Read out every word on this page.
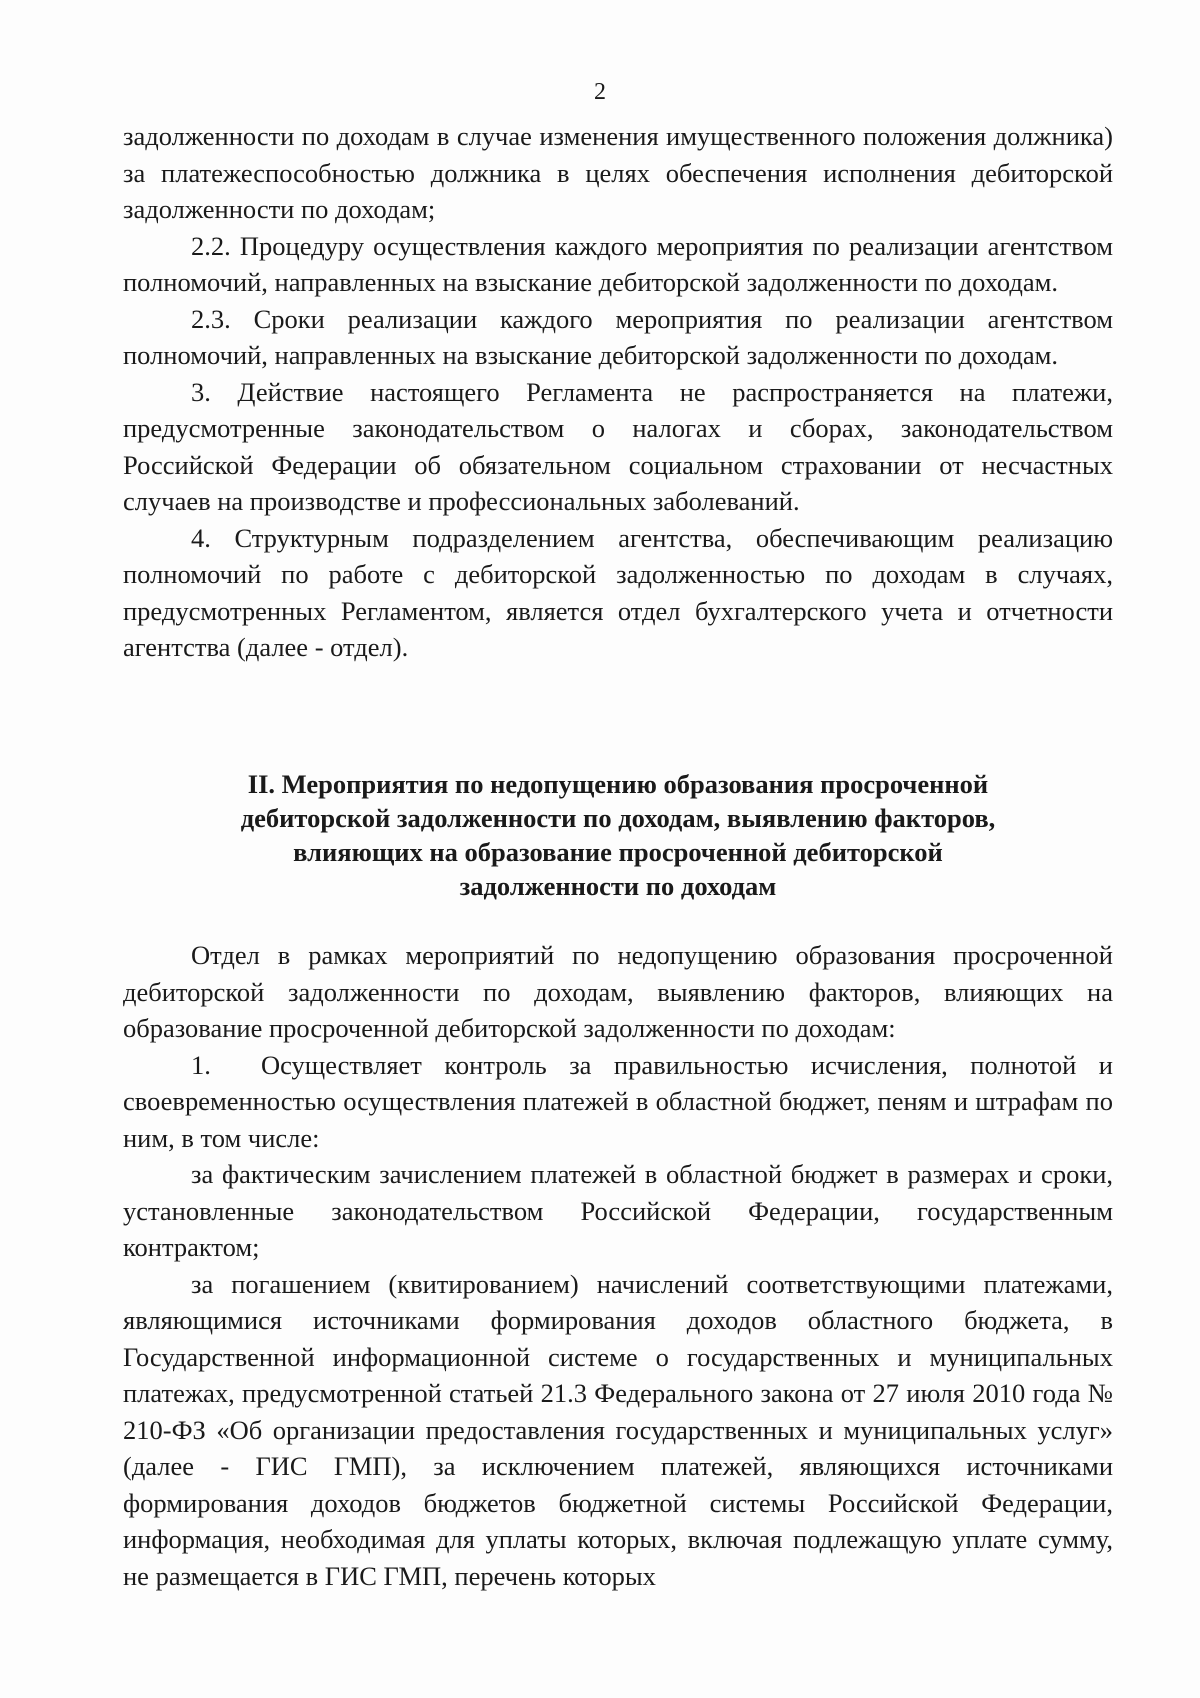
2

задолженности по доходам в случае изменения имущественного положения должника) за платежеспособностью должника в целях обеспечения исполнения дебиторской задолженности по доходам;

2.2. Процедуру осуществления каждого мероприятия по реализации агентством полномочий, направленных на взыскание дебиторской задолженности по доходам.

2.3. Сроки реализации каждого мероприятия по реализации агентством полномочий, направленных на взыскание дебиторской задолженности по доходам.

3. Действие настоящего Регламента не распространяется на платежи, предусмотренные законодательством о налогах и сборах, законодательством Российской Федерации об обязательном социальном страховании от несчастных случаев на производстве и профессиональных заболеваний.

4. Структурным подразделением агентства, обеспечивающим реализацию полномочий по работе с дебиторской задолженностью по доходам в случаях, предусмотренных Регламентом, является отдел бухгалтерского учета и отчетности агентства (далее - отдел).

II. Мероприятия по недопущению образования просроченной
дебиторской задолженности по доходам, выявлению факторов,
влияющих на образование просроченной дебиторской
задолженности по доходам

Отдел в рамках мероприятий по недопущению образования просроченной дебиторской задолженности по доходам, выявлению факторов, влияющих на образование просроченной дебиторской задолженности по доходам:

1. Осуществляет контроль за правильностью исчисления, полнотой и своевременностью осуществления платежей в областной бюджет, пеням и штрафам по ним, в том числе:

за фактическим зачислением платежей в областной бюджет в размерах и сроки, установленные законодательством Российской Федерации, государственным контрактом;

за погашением (квитированием) начислений соответствующими платежами, являющимися источниками формирования доходов областного бюджета, в Государственной информационной системе о государственных и муниципальных платежах, предусмотренной статьей 21.3 Федерального закона от 27 июля 2010 года № 210-ФЗ «Об организации предоставления государственных и муниципальных услуг» (далее - ГИС ГМП), за исключением платежей, являющихся источниками формирования доходов бюджетов бюджетной системы Российской Федерации, информация, необходимая для уплаты которых, включая подлежащую уплате сумму, не размещается в ГИС ГМП, перечень которых
